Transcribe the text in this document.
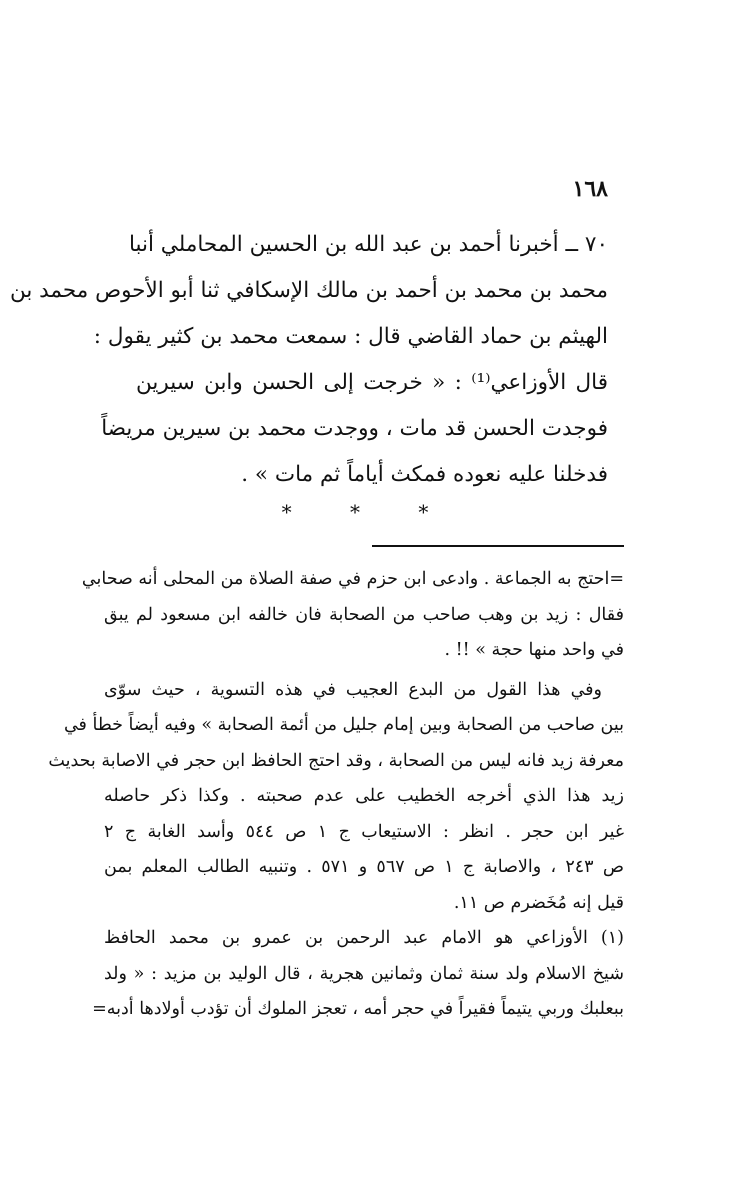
١٦٨

٧٠ ــ أخبرنا أحمد بن عبد الله بن الحسين المحاملي أنبا
محمد بن محمد بن أحمد بن مالك الإسكافي ثنا أبو الأحوص محمد بن
الهيثم بن حماد القاضي قال : سمعت محمد بن كثير يقول :
قال الأوزاعي⁽¹⁾ : « خرجت إلى الحسن وابن سيرين
فوجدت الحسن قد مات ، ووجدت محمد بن سيرين مريضاً
فدخلنا عليه نعوده فمكث أياماً ثم مات » .

* * *
=احتج به الجماعة . وادعى ابن حزم في صفة الصلاة من المحلى أنه صحابي
فقال : زيد بن وهب صاحب من الصحابة فان خالفه ابن مسعود لم يبق
في واحد منها حجة » !! .
وفي هذا القول من البدع العجيب في هذه التسوية ، حيث سوّى
بين صاحب من الصحابة وبين إمام جليل من أئمة الصحابة » وفيه أيضاً خطأ في
معرفة زيد فانه ليس من الصحابة ، وقد احتج الحافظ ابن حجر في الاصابة بحديث
زيد هذا الذي أخرجه الخطيب على عدم صحبته . وكذا ذكر حاصله
غير ابن حجر . انظر : الاستيعاب ج ١ ص ٥٤٤ وأسد الغابة ج ٢
ص ٢٤٣ ، والاصابة ج ١ ص ٥٦٧ و ٥٧١ . وتنبيه الطالب المعلم بمن
قيل إنه مُخَضرم ص ١١.
(١) الأوزاعي هو الامام عبد الرحمن بن عمرو بن محمد الحافظ
شيخ الاسلام ولد سنة ثمان وثمانين هجرية ، قال الوليد بن مزيد : « ولد
ببعلبك وربي يتيماً فقيراً في حجر أمه ، تعجز الملوك أن تؤدب أولادها أدبه=
